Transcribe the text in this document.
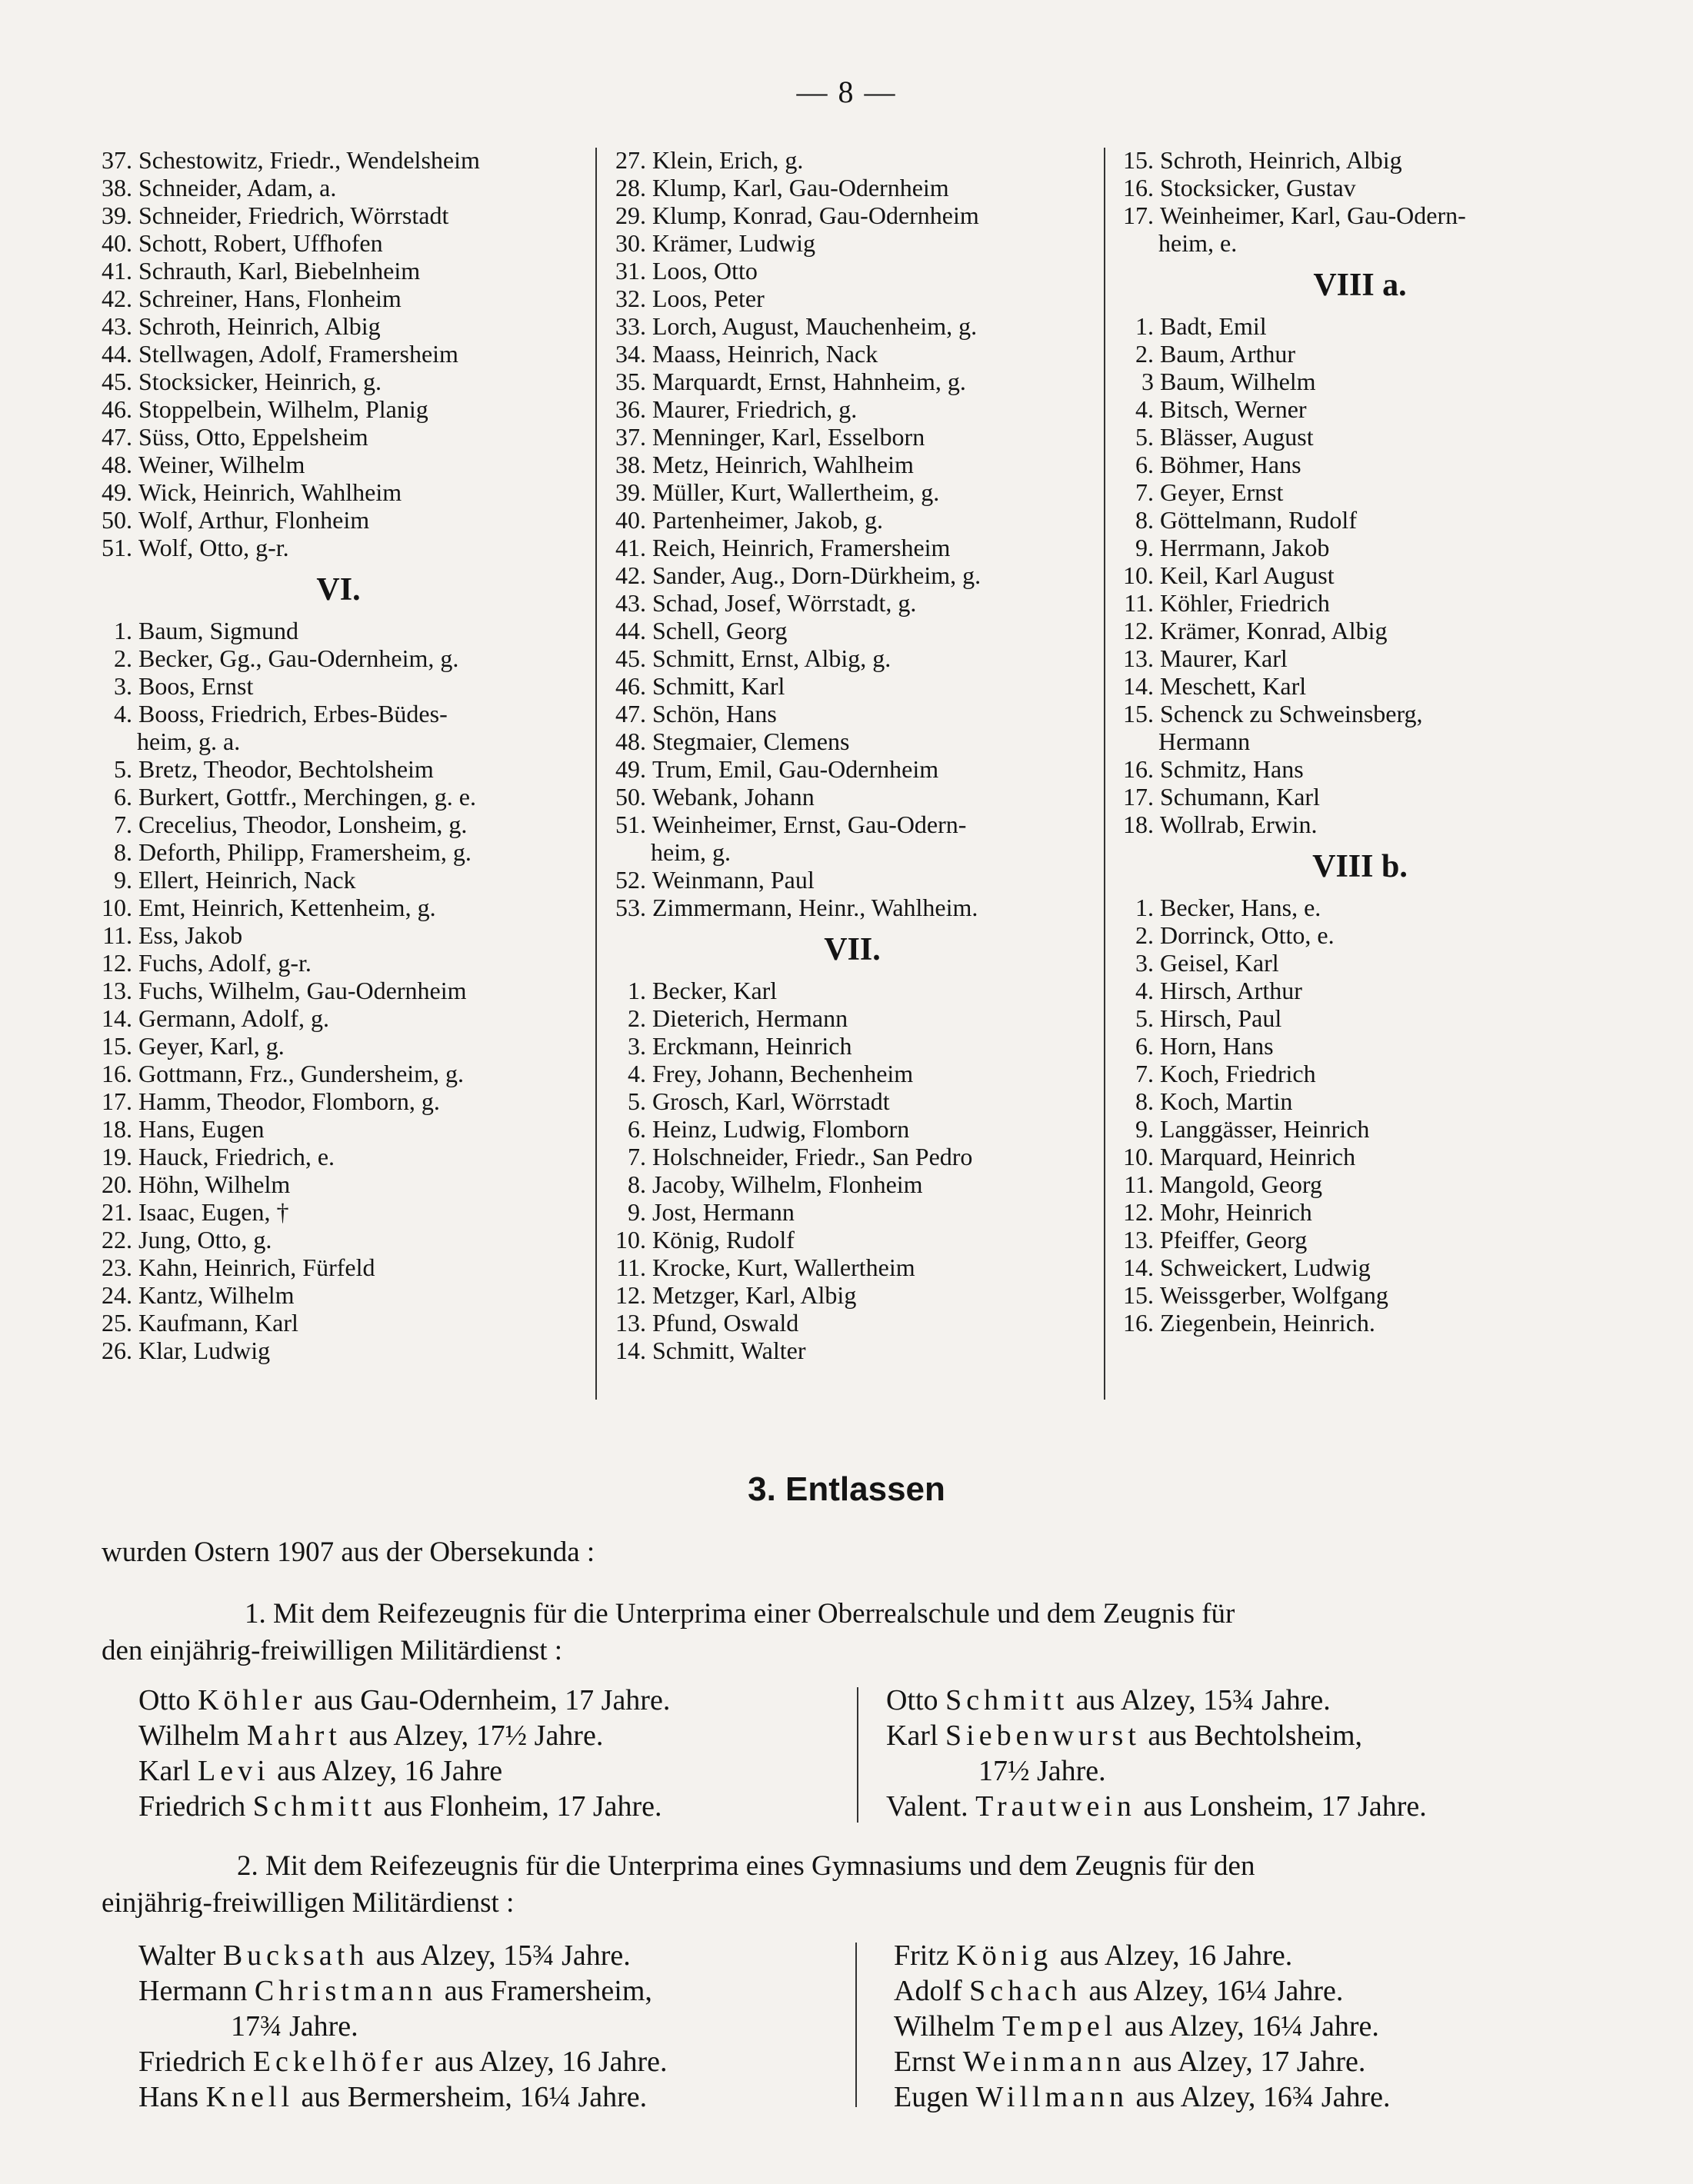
— 8 —
37. Schestowitz, Friedr., Wendelsheim
38. Schneider, Adam, a.
39. Schneider, Friedrich, Wörrstadt
40. Schott, Robert, Uffhofen
41. Schrauth, Karl, Biebelnheim
42. Schreiner, Hans, Flonheim
43. Schroth, Heinrich, Albig
44. Stellwagen, Adolf, Framersheim
45. Stocksicker, Heinrich, g.
46. Stoppelbein, Wilhelm, Planig
47. Süss, Otto, Eppelsheim
48. Weiner, Wilhelm
49. Wick, Heinrich, Wahlheim
50. Wolf, Arthur, Flonheim
51. Wolf, Otto, g-r.
VI.
1. Baum, Sigmund
2. Becker, Gg., Gau-Odernheim, g.
3. Boos, Ernst
4. Booss, Friedrich, Erbes-Büdes-
heim, g. a.
5. Bretz, Theodor, Bechtolsheim
6. Burkert, Gottfr., Merchingen, g. e.
7. Crecelius, Theodor, Lonsheim, g.
8. Deforth, Philipp, Framersheim, g.
9. Ellert, Heinrich, Nack
10. Emt, Heinrich, Kettenheim, g.
11. Ess, Jakob
12. Fuchs, Adolf, g-r.
13. Fuchs, Wilhelm, Gau-Odernheim
14. Germann, Adolf, g.
15. Geyer, Karl, g.
16. Gottmann, Frz., Gundersheim, g.
17. Hamm, Theodor, Flomborn, g.
18. Hans, Eugen
19. Hauck, Friedrich, e.
20. Höhn, Wilhelm
21. Isaac, Eugen, †
22. Jung, Otto, g.
23. Kahn, Heinrich, Fürfeld
24. Kantz, Wilhelm
25. Kaufmann, Karl
26. Klar, Ludwig
27. Klein, Erich, g.
28. Klump, Karl, Gau-Odernheim
29. Klump, Konrad, Gau-Odernheim
30. Krämer, Ludwig
31. Loos, Otto
32. Loos, Peter
33. Lorch, August, Mauchenheim, g.
34. Maass, Heinrich, Nack
35. Marquardt, Ernst, Hahnheim, g.
36. Maurer, Friedrich, g.
37. Menninger, Karl, Esselborn
38. Metz, Heinrich, Wahlheim
39. Müller, Kurt, Wallertheim, g.
40. Partenheimer, Jakob, g.
41. Reich, Heinrich, Framersheim
42. Sander, Aug., Dorn-Dürkheim, g.
43. Schad, Josef, Wörrstadt, g.
44. Schell, Georg
45. Schmitt, Ernst, Albig, g.
46. Schmitt, Karl
47. Schön, Hans
48. Stegmaier, Clemens
49. Trum, Emil, Gau-Odernheim
50. Webank, Johann
51. Weinheimer, Ernst, Gau-Odern-
heim, g.
52. Weinmann, Paul
53. Zimmermann, Heinr., Wahlheim.
VII.
1. Becker, Karl
2. Dieterich, Hermann
3. Erckmann, Heinrich
4. Frey, Johann, Bechenheim
5. Grosch, Karl, Wörrstadt
6. Heinz, Ludwig, Flomborn
7. Holschneider, Friedr., San Pedro
8. Jacoby, Wilhelm, Flonheim
9. Jost, Hermann
10. König, Rudolf
11. Krocke, Kurt, Wallertheim
12. Metzger, Karl, Albig
13. Pfund, Oswald
14. Schmitt, Walter
15. Schroth, Heinrich, Albig
16. Stocksicker, Gustav
17. Weinheimer, Karl, Gau-Odern-
heim, e.
VIII a.
1. Badt, Emil
2. Baum, Arthur
3 Baum, Wilhelm
4. Bitsch, Werner
5. Blässer, August
6. Böhmer, Hans
7. Geyer, Ernst
8. Göttelmann, Rudolf
9. Herrmann, Jakob
10. Keil, Karl August
11. Köhler, Friedrich
12. Krämer, Konrad, Albig
13. Maurer, Karl
14. Meschett, Karl
15. Schenck zu Schweinsberg,
Hermann
16. Schmitz, Hans
17. Schumann, Karl
18. Wollrab, Erwin.
VIII b.
1. Becker, Hans, e.
2. Dorrinck, Otto, e.
3. Geisel, Karl
4. Hirsch, Arthur
5. Hirsch, Paul
6. Horn, Hans
7. Koch, Friedrich
8. Koch, Martin
9. Langgässer, Heinrich
10. Marquard, Heinrich
11. Mangold, Georg
12. Mohr, Heinrich
13. Pfeiffer, Georg
14. Schweickert, Ludwig
15. Weissgerber, Wolfgang
16. Ziegenbein, Heinrich.
3. Entlassen
wurden Ostern 1907 aus der Obersekunda :
1. Mit dem Reifezeugnis für die Unterprima einer Oberrealschule und dem Zeugnis für
den einjährig-freiwilligen Militärdienst :
Otto Köhler aus Gau-Odernheim, 17 Jahre.
Wilhelm Mahrt aus Alzey, 17½ Jahre.
Karl Levi aus Alzey, 16 Jahre
Friedrich Schmitt aus Flonheim, 17 Jahre.
Otto Schmitt aus Alzey, 15¾ Jahre.
Karl Siebenwurst aus Bechtolsheim,
17½ Jahre.
Valent. Trautwein aus Lonsheim, 17 Jahre.
2. Mit dem Reifezeugnis für die Unterprima eines Gymnasiums und dem Zeugnis für den
einjährig-freiwilligen Militärdienst :
Walter Bucksath aus Alzey, 15¾ Jahre.
Hermann Christmann aus Framersheim,
17¾ Jahre.
Friedrich Eckelhöfer aus Alzey, 16 Jahre.
Hans Knell aus Bermersheim, 16¼ Jahre.
Fritz König aus Alzey, 16 Jahre.
Adolf Schach aus Alzey, 16¼ Jahre.
Wilhelm Tempel aus Alzey, 16¼ Jahre.
Ernst Weinmann aus Alzey, 17 Jahre.
Eugen Willmann aus Alzey, 16¾ Jahre.
